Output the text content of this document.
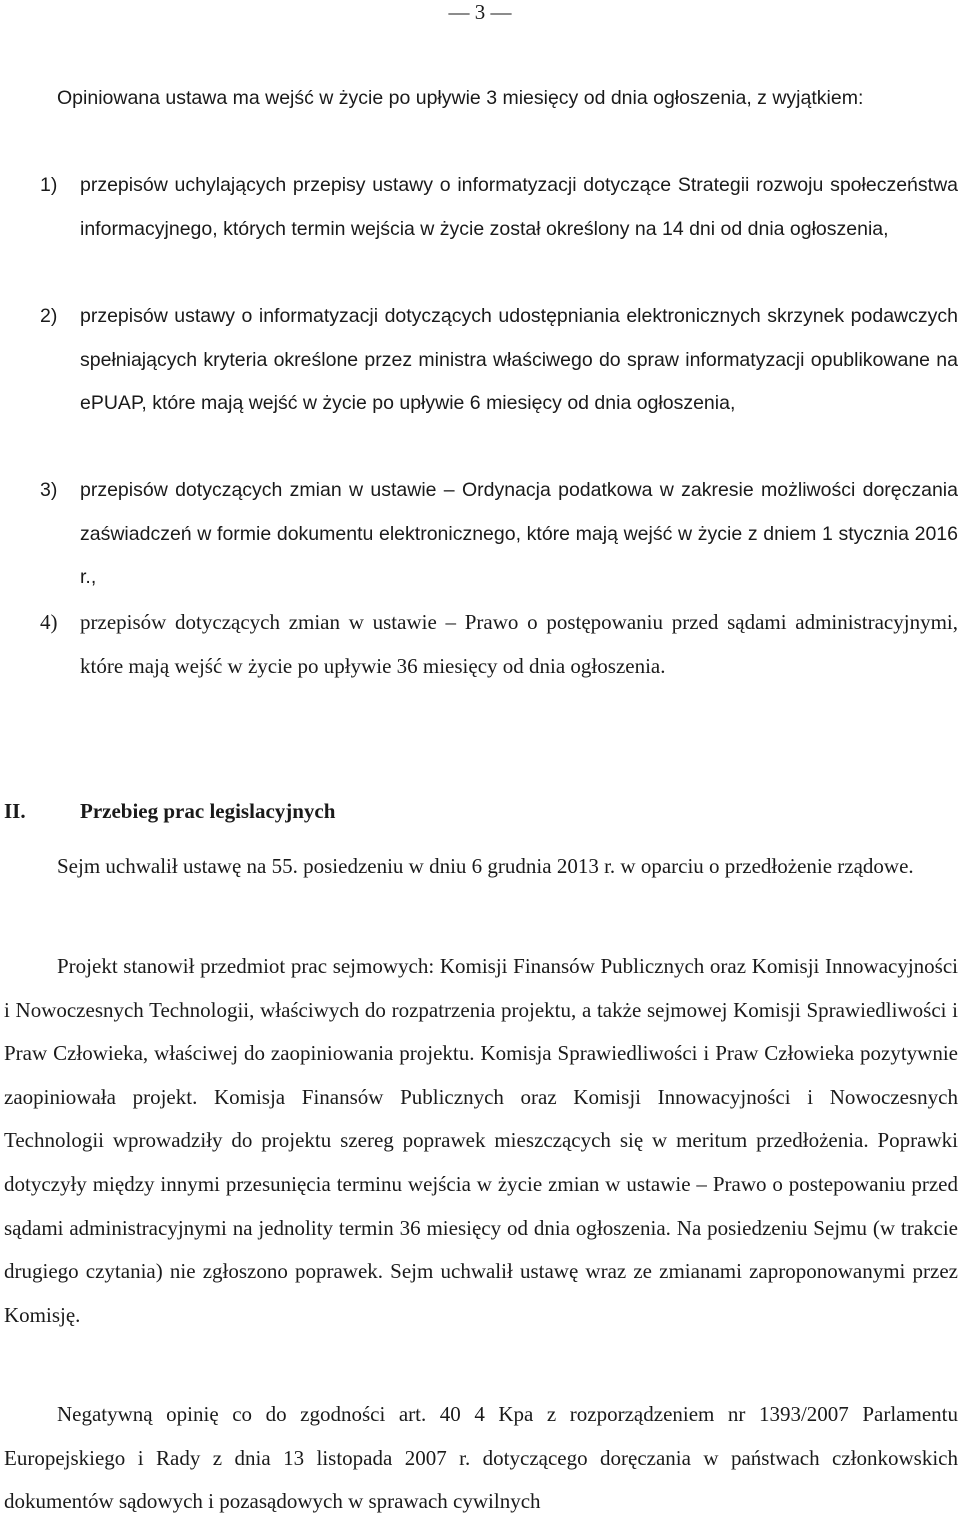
— 3 —

Opiniowana ustawa ma wejść w życie po upływie 3 miesięcy od dnia ogłoszenia, z wyjątkiem:

1) przepisów uchylających przepisy ustawy o informatyzacji dotyczące Strategii rozwoju społeczeństwa informacyjnego, których termin wejścia w życie został określony na 14 dni od dnia ogłoszenia,
2) przepisów ustawy o informatyzacji dotyczących udostępniania elektronicznych skrzynek podawczych spełniających kryteria określone przez ministra właściwego do spraw informatyzacji opublikowane na ePUAP, które mają wejść w życie po upływie 6 miesięcy od dnia ogłoszenia,
3) przepisów dotyczących zmian w ustawie – Ordynacja podatkowa w zakresie możliwości doręczania zaświadczeń w formie dokumentu elektronicznego, które mają wejść w życie z dniem 1 stycznia 2016 r.,
4) przepisów dotyczących zmian w ustawie – Prawo o postępowaniu przed sądami administracyjnymi, które mają wejść w życie po upływie 36 miesięcy od dnia ogłoszenia.
II.	Przebieg prac legislacyjnych

Sejm uchwalił ustawę na 55. posiedzeniu w dniu 6 grudnia 2013 r. w oparciu o przedłożenie rządowe.

Projekt stanowił przedmiot prac sejmowych: Komisji Finansów Publicznych oraz Komisji Innowacyjności i Nowoczesnych Technologii, właściwych do rozpatrzenia projektu, a także sejmowej Komisji Sprawiedliwości i Praw Człowieka, właściwej do zaopiniowania projektu. Komisja Sprawiedliwości i Praw Człowieka pozytywnie zaopiniowała projekt. Komisja Finansów Publicznych oraz Komisji Innowacyjności i Nowoczesnych Technologii wprowadziły do projektu szereg poprawek mieszczących się w meritum przedłożenia. Poprawki dotyczyły między innymi przesunięcia terminu wejścia w życie zmian w ustawie – Prawo o postepowaniu przed sądami administracyjnymi na jednolity termin 36 miesięcy od dnia ogłoszenia. Na posiedzeniu Sejmu (w trakcie drugiego czytania) nie zgłoszono poprawek. Sejm uchwalił ustawę wraz ze zmianami zaproponowanymi przez Komisję.

Negatywną opinię co do zgodności art. 40 4 Kpa z rozporządzeniem nr 1393/2007 Parlamentu Europejskiego i Rady z dnia 13 listopada 2007 r. dotyczącego doręczania w państwach członkowskich dokumentów sądowych i pozasądowych w sprawach cywilnych
